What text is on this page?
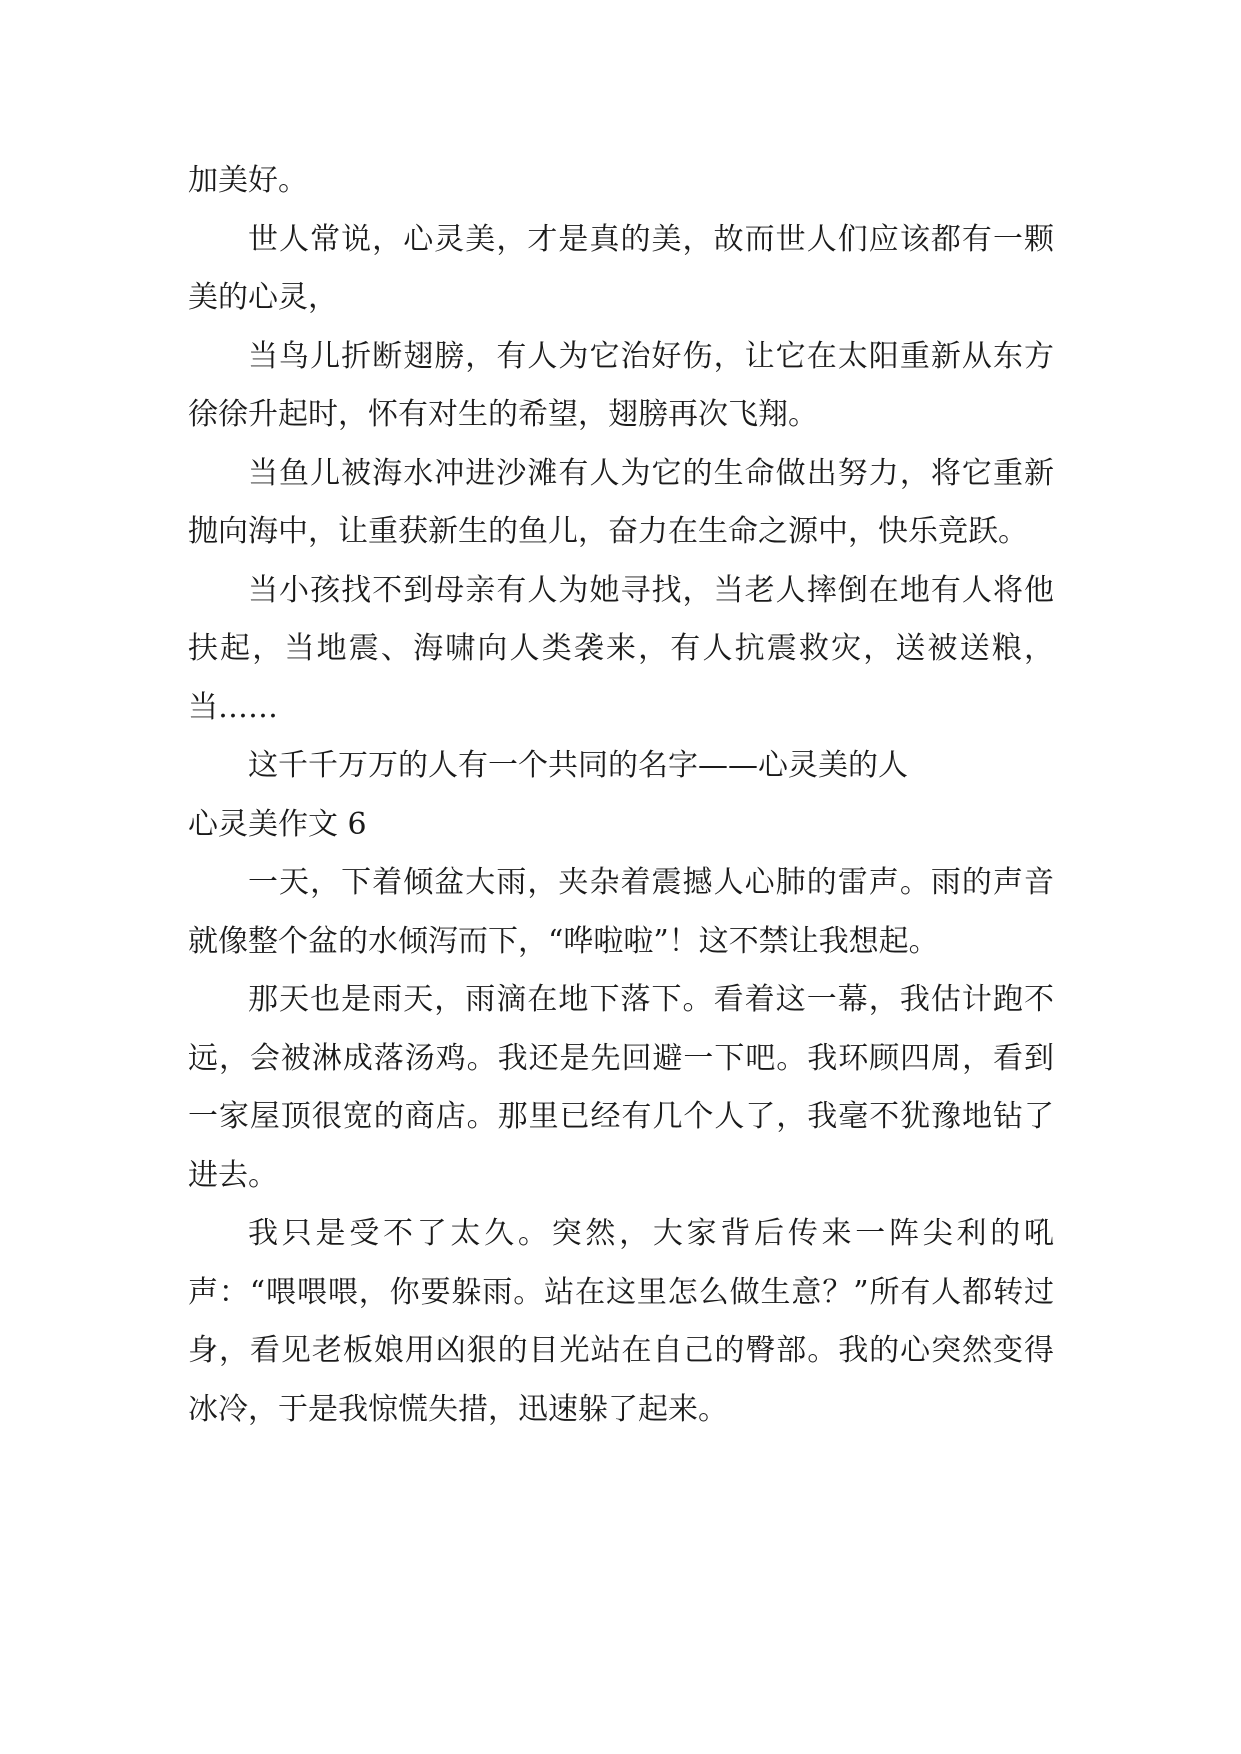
加美好。

世人常说，心灵美，才是真的美，故而世人们应该都有一颗美的心灵，

当鸟儿折断翅膀，有人为它治好伤，让它在太阳重新从东方徐徐升起时，怀有对生的希望，翅膀再次飞翔。

当鱼儿被海水冲进沙滩有人为它的生命做出努力，将它重新抛向海中，让重获新生的鱼儿，奋力在生命之源中，快乐竞跃。

当小孩找不到母亲有人为她寻找，当老人摔倒在地有人将他扶起，当地震、海啸向人类袭来，有人抗震救灾，送被送粮，当……

这千千万万的人有一个共同的名字——心灵美的人

心灵美作文 6

一天，下着倾盆大雨，夹杂着震撼人心肺的雷声。雨的声音就像整个盆的水倾泻而下，“哗啦啦”！这不禁让我想起。

那天也是雨天，雨滴在地下落下。看着这一幕，我估计跑不远，会被淋成落汤鸡。我还是先回避一下吧。我环顾四周，看到一家屋顶很宽的商店。那里已经有几个人了，我毫不犹豫地钻了进去。

我只是受不了太久。突然，大家背后传来一阵尖利的吼声：“喂喂喂，你要躲雨。站在这里怎么做生意？”所有人都转过身，看见老板娘用凶狠的目光站在自己的臀部。我的心突然变得冰冷，于是我惊慌失措，迅速躲了起来。
